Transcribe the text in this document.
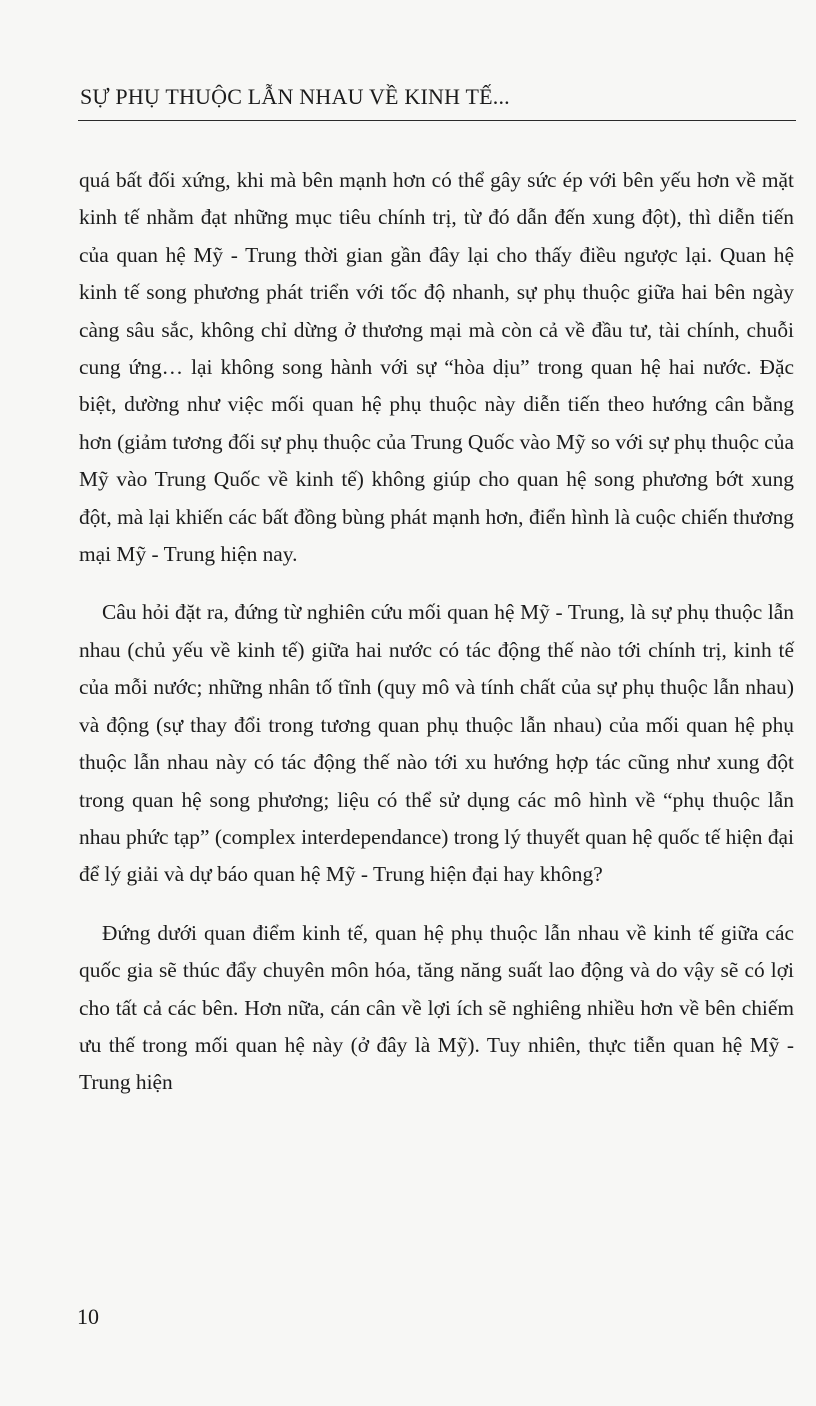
SỰ PHỤ THUỘC LẪN NHAU VỀ KINH TẾ...

quá bất đối xứng, khi mà bên mạnh hơn có thể gây sức ép với bên yếu hơn về mặt kinh tế nhằm đạt những mục tiêu chính trị, từ đó dẫn đến xung đột), thì diễn tiến của quan hệ Mỹ - Trung thời gian gần đây lại cho thấy điều ngược lại. Quan hệ kinh tế song phương phát triển với tốc độ nhanh, sự phụ thuộc giữa hai bên ngày càng sâu sắc, không chỉ dừng ở thương mại mà còn cả về đầu tư, tài chính, chuỗi cung ứng… lại không song hành với sự “hòa dịu” trong quan hệ hai nước. Đặc biệt, dường như việc mối quan hệ phụ thuộc này diễn tiến theo hướng cân bằng hơn (giảm tương đối sự phụ thuộc của Trung Quốc vào Mỹ so với sự phụ thuộc của Mỹ vào Trung Quốc về kinh tế) không giúp cho quan hệ song phương bớt xung đột, mà lại khiến các bất đồng bùng phát mạnh hơn, điển hình là cuộc chiến thương mại Mỹ - Trung hiện nay.

Câu hỏi đặt ra, đứng từ nghiên cứu mối quan hệ Mỹ - Trung, là sự phụ thuộc lẫn nhau (chủ yếu về kinh tế) giữa hai nước có tác động thế nào tới chính trị, kinh tế của mỗi nước; những nhân tố tĩnh (quy mô và tính chất của sự phụ thuộc lẫn nhau) và động (sự thay đổi trong tương quan phụ thuộc lẫn nhau) của mối quan hệ phụ thuộc lẫn nhau này có tác động thế nào tới xu hướng hợp tác cũng như xung đột trong quan hệ song phương; liệu có thể sử dụng các mô hình về “phụ thuộc lẫn nhau phức tạp” (complex interdependance) trong lý thuyết quan hệ quốc tế hiện đại để lý giải và dự báo quan hệ Mỹ - Trung hiện đại hay không?

Đứng dưới quan điểm kinh tế, quan hệ phụ thuộc lẫn nhau về kinh tế giữa các quốc gia sẽ thúc đẩy chuyên môn hóa, tăng năng suất lao động và do vậy sẽ có lợi cho tất cả các bên. Hơn nữa, cán cân về lợi ích sẽ nghiêng nhiều hơn về bên chiếm ưu thế trong mối quan hệ này (ở đây là Mỹ). Tuy nhiên, thực tiễn quan hệ Mỹ - Trung hiện

10
